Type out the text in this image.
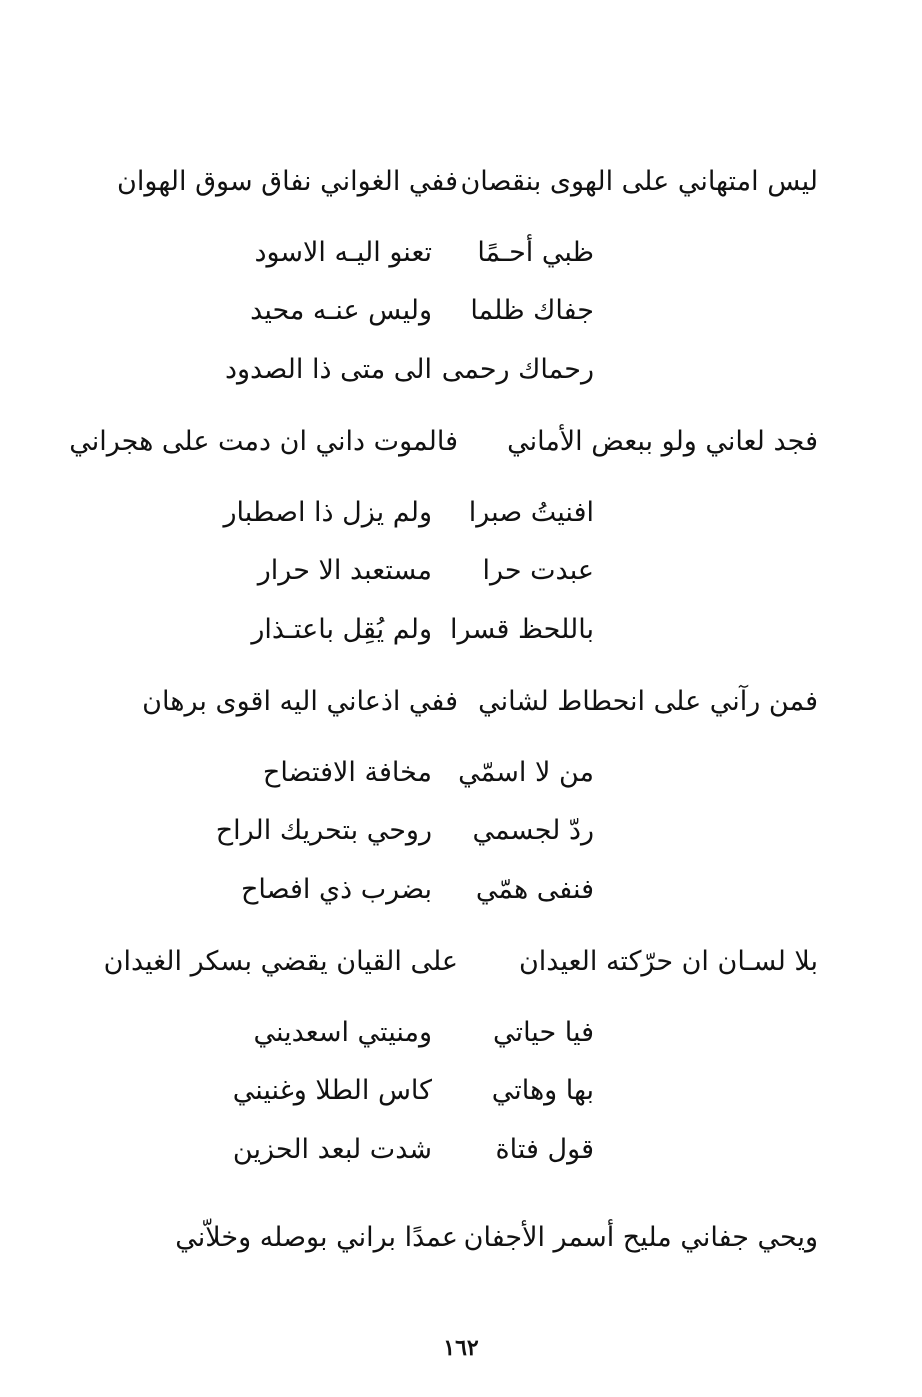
ليس امتهاني على الهوى بنقصان
ففي الغواني نفاق سوق الهوان
ظبي أحـمًا
تعنو اليـه الاسود
جفاك ظلما
وليس عنـه محيد
رحماك رحمى
الى متى ذا الصدود
فجد لعاني ولو ببعض الأماني
فالموت داني ان دمت على هجراني
افنيتُ صبرا
ولم يزل ذا اصطبار
عبدت حرا
مستعبد الا حرار
باللحظ قسرا
ولم يُقِل باعتـذار
فمن رآني على انحطاط لشاني
ففي اذعاني اليه اقوى برهان
من لا اسمّي
مخافة الافتضاح
ردّ لجسمي
روحي بتحريك الراح
فنفى همّي
بضرب ذي افصاح
بلا لسـان ان حرّكته العيدان
على القيان يقضي بسكر الغيدان
فيا حياتي
ومنيتي اسعديني
بها وهاتي
كاس الطلا وغنيني
قول فتاة
شدت لبعد الحزين
ويحي جفاني مليح أسمر الأجفان
عمدًا براني بوصله وخلاّني
١٦٢
